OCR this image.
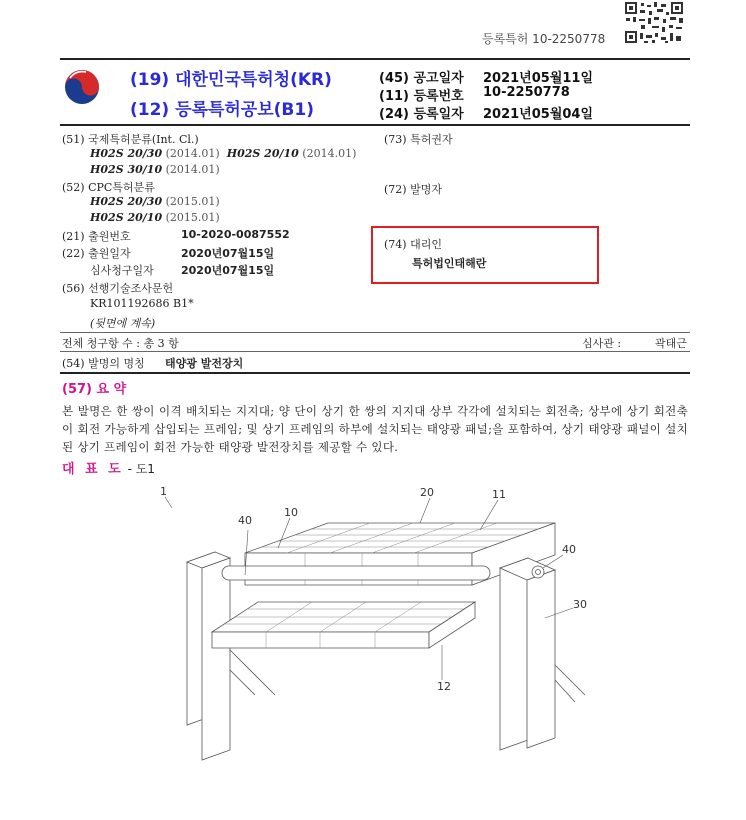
등록특허 10-2250778
(19) 대한민국특허청(KR)
(12) 등록특허공보(B1)
(45) 공고일자 2021년05월11일
(11) 등록번호 10-2250778
(24) 등록일자 2021년05월04일
(51) 국제특허분류(Int. Cl.)
H02S 20/30 (2014.01) H02S 20/10 (2014.01)
H02S 30/10 (2014.01)
(52) CPC특허분류
H02S 20/30 (2015.01)
H02S 20/10 (2015.01)
(21) 출원번호	10-2020-0087552
(22) 출원일자	2020년07월15일
심사청구일자 2020년07월15일
(56) 선행기술조사문헌
KR101192686 B1*
(뒷면에 계속)
(73) 특허권자
(72) 발명자
(74) 대리인
특허법인태해란
전체 청구항 수 : 총 3 항	심사관 :	곽태근
(54) 발명의 명칭 태양광 발전장치
(57) 요 약
본 발명은 한 쌍이 이격 배치되는 지지대; 양 단이 상기 한 쌍의 지지대 상부 각각에 설치되는 회전축; 상부에 상기 회전축이 회전 가능하게 삽입되는 프레임; 및 상기 프레임의 하부에 설치되는 태양광 패널;을 포함하여, 상기 태양광 패널이 설치된 상기 프레임이 회전 가능한 태양광 발전장치를 제공할 수 있다.
대 표 도 - 도1
1
10
20	11
40
40
30
12
